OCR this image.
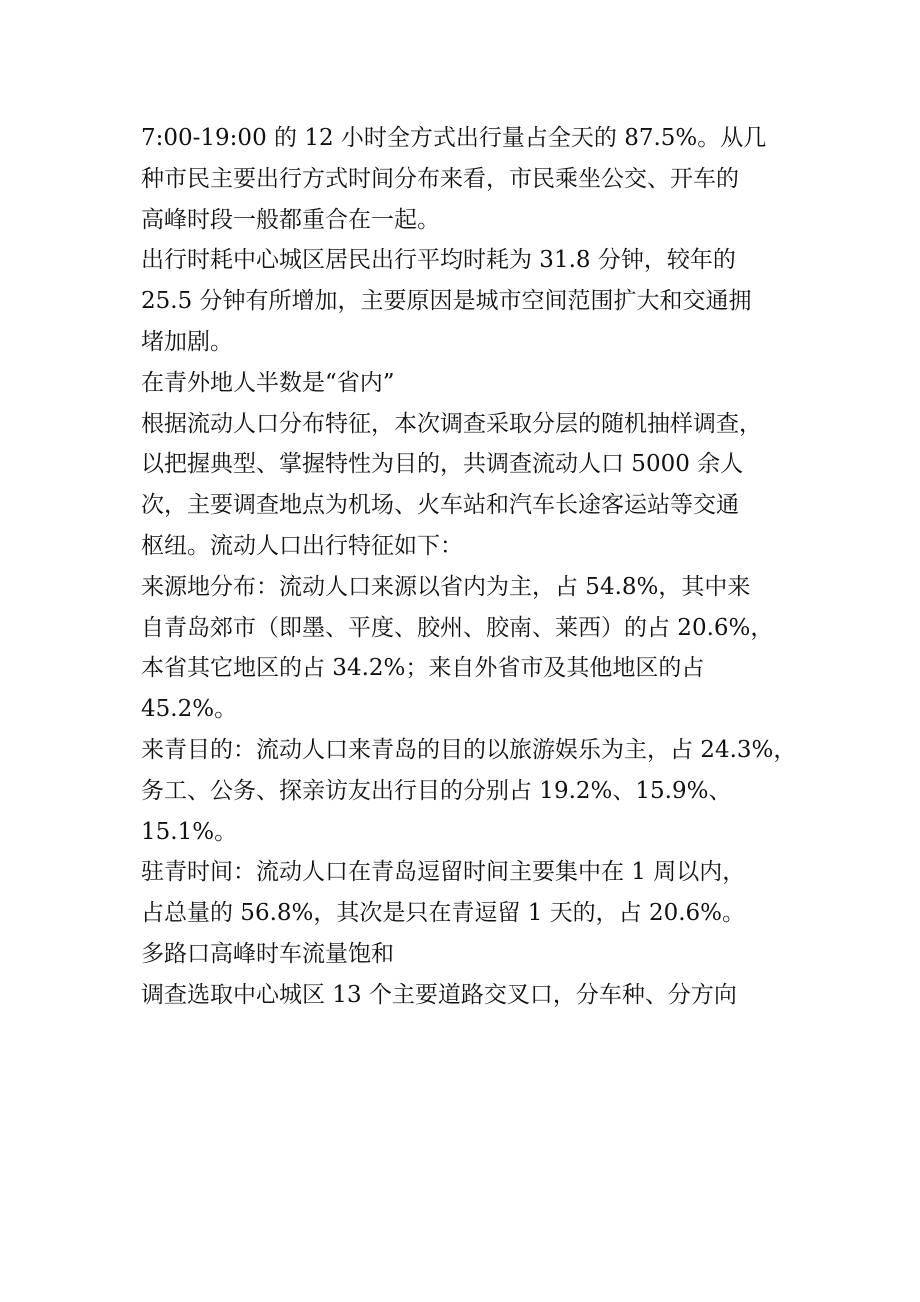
7:00-19:00 的 12 小时全方式出行量占全天的 87.5%。从几
种市民主要出行方式时间分布来看，市民乘坐公交、开车的
高峰时段一般都重合在一起。
出行时耗中心城区居民出行平均时耗为 31.8 分钟，较年的
25.5 分钟有所增加，主要原因是城市空间范围扩大和交通拥
堵加剧。
在青外地人半数是“省内”
根据流动人口分布特征，本次调查采取分层的随机抽样调查，
以把握典型、掌握特性为目的，共调查流动人口 5000 余人
次，主要调查地点为机场、火车站和汽车长途客运站等交通
枢纽。流动人口出行特征如下：
来源地分布：流动人口来源以省内为主，占 54.8%，其中来
自青岛郊市（即墨、平度、胶州、胶南、莱西）的占 20.6%，
本省其它地区的占 34.2%；来自外省市及其他地区的占
45.2%。
来青目的：流动人口来青岛的目的以旅游娱乐为主，占 24.3%，
务工、公务、探亲访友出行目的分别占 19.2%、15.9%、
15.1%。
驻青时间：流动人口在青岛逗留时间主要集中在 1 周以内，
占总量的 56.8%，其次是只在青逗留 1 天的，占 20.6%。
多路口高峰时车流量饱和
调查选取中心城区 13 个主要道路交叉口，分车种、分方向
